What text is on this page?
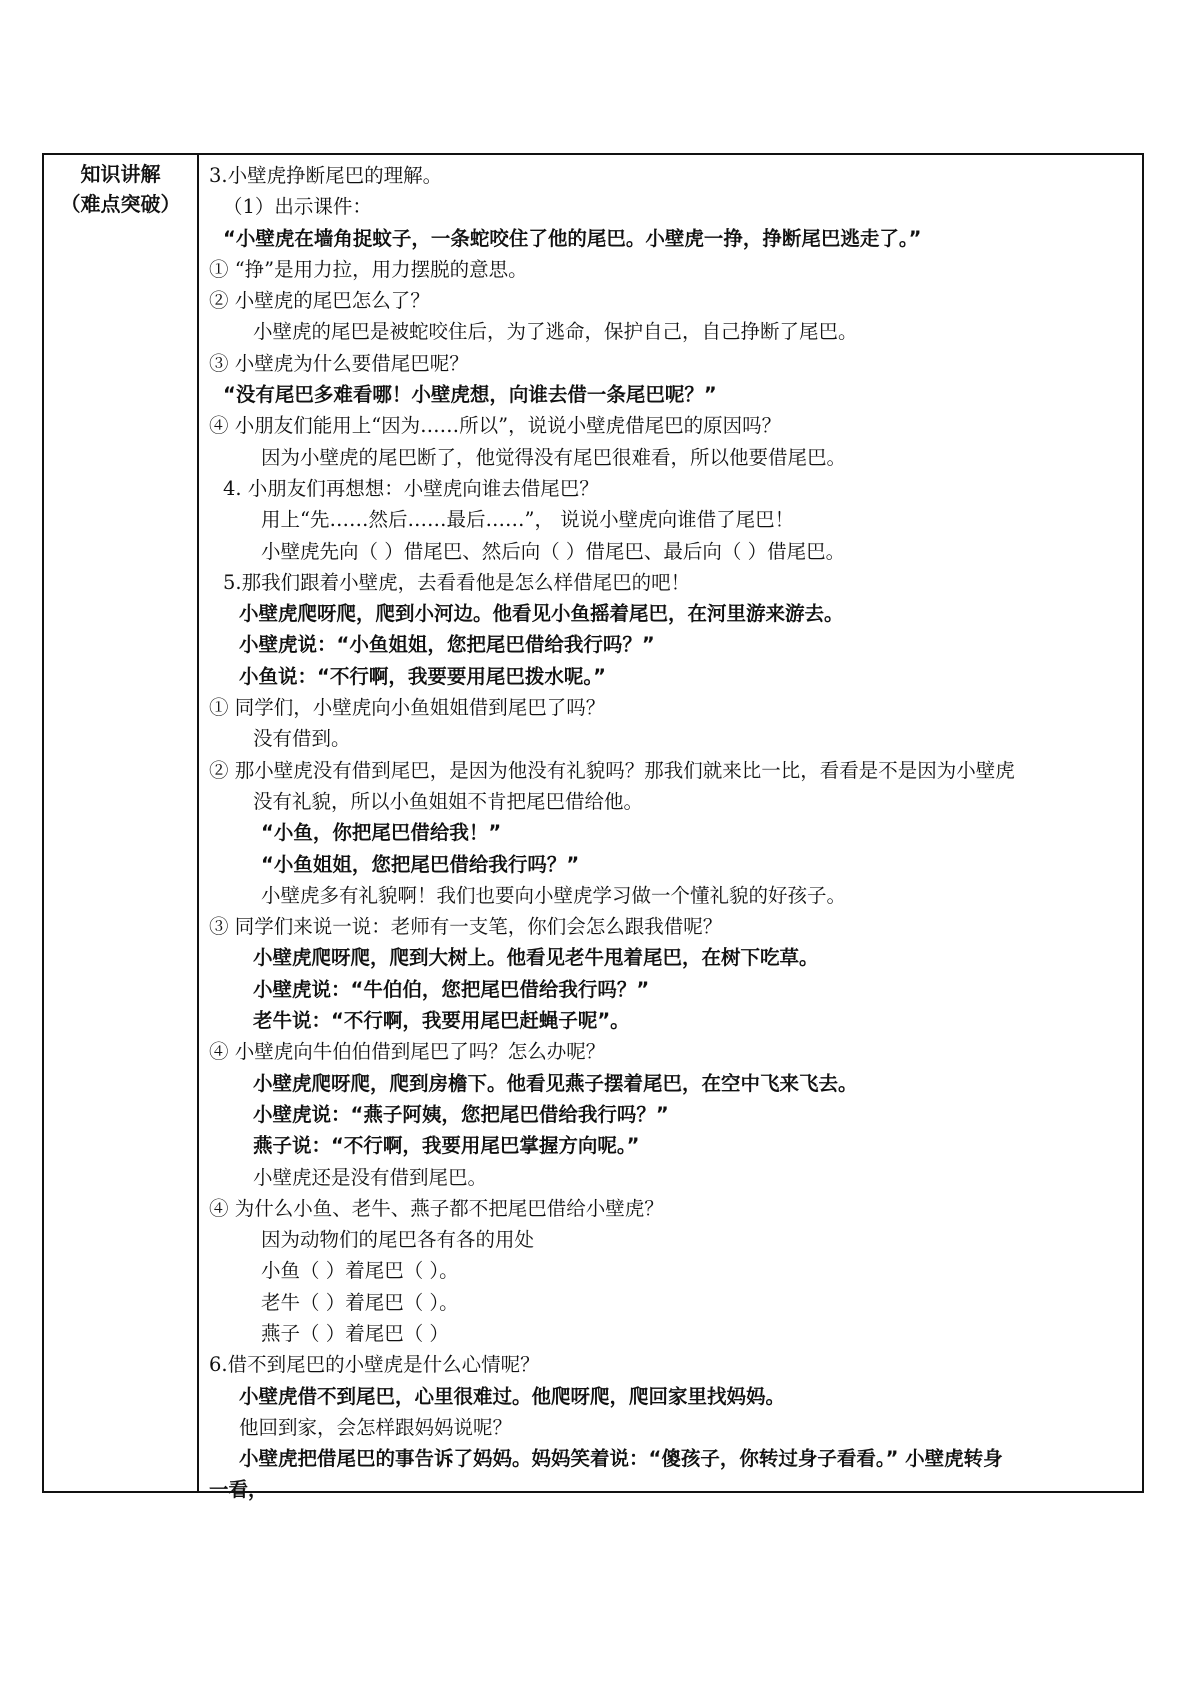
知识讲解
（难点突破）
3.小壁虎挣断尾巴的理解。
（1）出示课件：
“小壁虎在墙角捉蚊子，一条蛇咬住了他的尾巴。小壁虎一挣，挣断尾巴逃走了。”
① “挣”是用力拉，用力摆脱的意思。
② 小壁虎的尾巴怎么了？
小壁虎的尾巴是被蛇咬住后，为了逃命，保护自己，自己挣断了尾巴。
③ 小壁虎为什么要借尾巴呢？
“没有尾巴多难看哪！小壁虎想，向谁去借一条尾巴呢？”
④ 小朋友们能用上“因为……所以”，说说小壁虎借尾巴的原因吗？
因为小壁虎的尾巴断了，他觉得没有尾巴很难看，所以他要借尾巴。
4. 小朋友们再想想：小壁虎向谁去借尾巴？
用上“先……然后……最后……”， 说说小壁虎向谁借了尾巴！
小壁虎先向（ ）借尾巴、然后向（ ）借尾巴、最后向（ ）借尾巴。
5.那我们跟着小壁虎，去看看他是怎么样借尾巴的吧！
小壁虎爬呀爬，爬到小河边。他看见小鱼摇着尾巴，在河里游来游去。
小壁虎说：“小鱼姐姐，您把尾巴借给我行吗？”
小鱼说：“不行啊，我要要用尾巴拨水呢。”
① 同学们，小壁虎向小鱼姐姐借到尾巴了吗？
没有借到。
② 那小壁虎没有借到尾巴，是因为他没有礼貌吗？那我们就来比一比，看看是不是因为小壁虎
没有礼貌，所以小鱼姐姐不肯把尾巴借给他。
“小鱼，你把尾巴借给我！”
“小鱼姐姐，您把尾巴借给我行吗？”
小壁虎多有礼貌啊！我们也要向小壁虎学习做一个懂礼貌的好孩子。
③ 同学们来说一说：老师有一支笔，你们会怎么跟我借呢？
小壁虎爬呀爬，爬到大树上。他看见老牛甩着尾巴，在树下吃草。
小壁虎说：“牛伯伯，您把尾巴借给我行吗？”
老牛说：“不行啊，我要用尾巴赶蝇子呢”。
④ 小壁虎向牛伯伯借到尾巴了吗？怎么办呢？
小壁虎爬呀爬，爬到房檐下。他看见燕子摆着尾巴，在空中飞来飞去。
小壁虎说：“燕子阿姨，您把尾巴借给我行吗？”
燕子说：“不行啊，我要用尾巴掌握方向呢。”
小壁虎还是没有借到尾巴。
④ 为什么小鱼、老牛、燕子都不把尾巴借给小壁虎？
因为动物们的尾巴各有各的用处
小鱼（ ）着尾巴（ ）。
老牛（ ）着尾巴（ ）。
燕子（ ）着尾巴（ ）
6.借不到尾巴的小壁虎是什么心情呢？
小壁虎借不到尾巴，心里很难过。他爬呀爬，爬回家里找妈妈。
他回到家，会怎样跟妈妈说呢？
小壁虎把借尾巴的事告诉了妈妈。妈妈笑着说：“傻孩子，你转过身子看看。” 小壁虎转身
一看，
